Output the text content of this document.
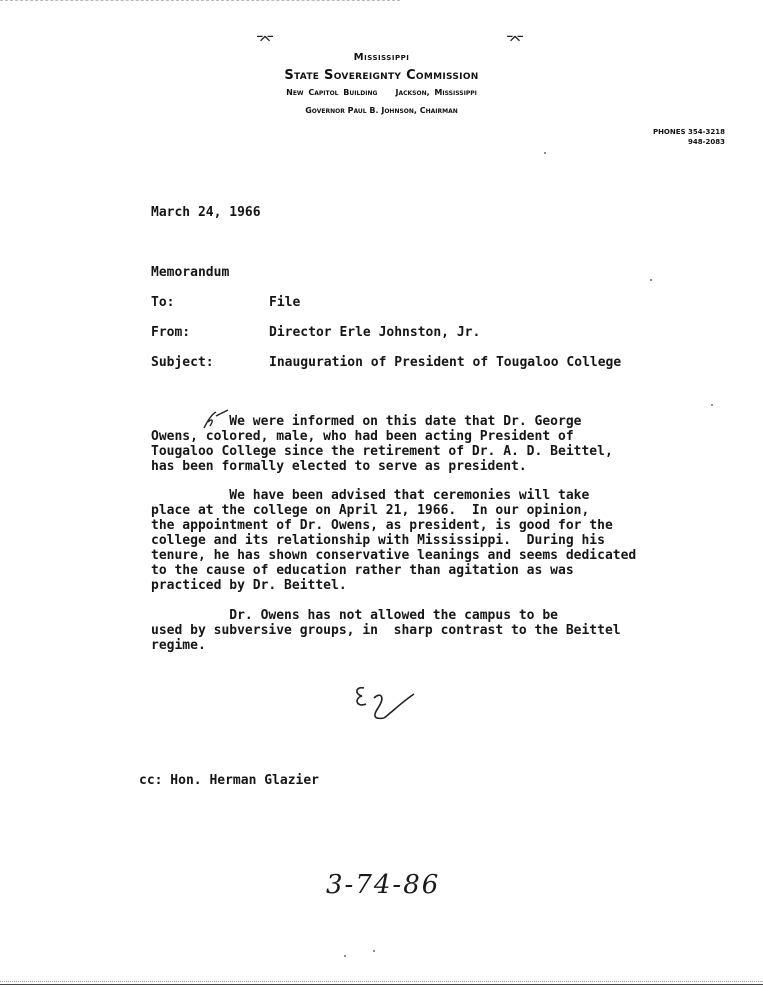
⌤	⌤
Mississippi
State Sovereignty Commission
New Capitol Building Jackson, Mississippi
Governor Paul B. Johnson, Chairman
PHONES 354-3218
948-2083
March 24, 1966
Memorandum
To:	File
From:	Director Erle Johnston, Jr.
Subject:	Inauguration of President of Tougaloo College
We were informed on this date that Dr. George
Owens, colored, male, who had been acting President of
Tougaloo College since the retirement of Dr. A. D. Beittel,
has been formally elected to serve as president.
We have been advised that ceremonies will take
place at the college on April 21, 1966.  In our opinion,
the appointment of Dr. Owens, as president, is good for the
college and its relationship with Mississippi.  During his
tenure, he has shown conservative leanings and seems dedicated
to the cause of education rather than agitation as was
practiced by Dr. Beittel.
Dr. Owens has not allowed the campus to be
used by subversive groups, in  sharp contrast to the Beittel
regime.
cc: Hon. Herman Glazier
3-74-86
